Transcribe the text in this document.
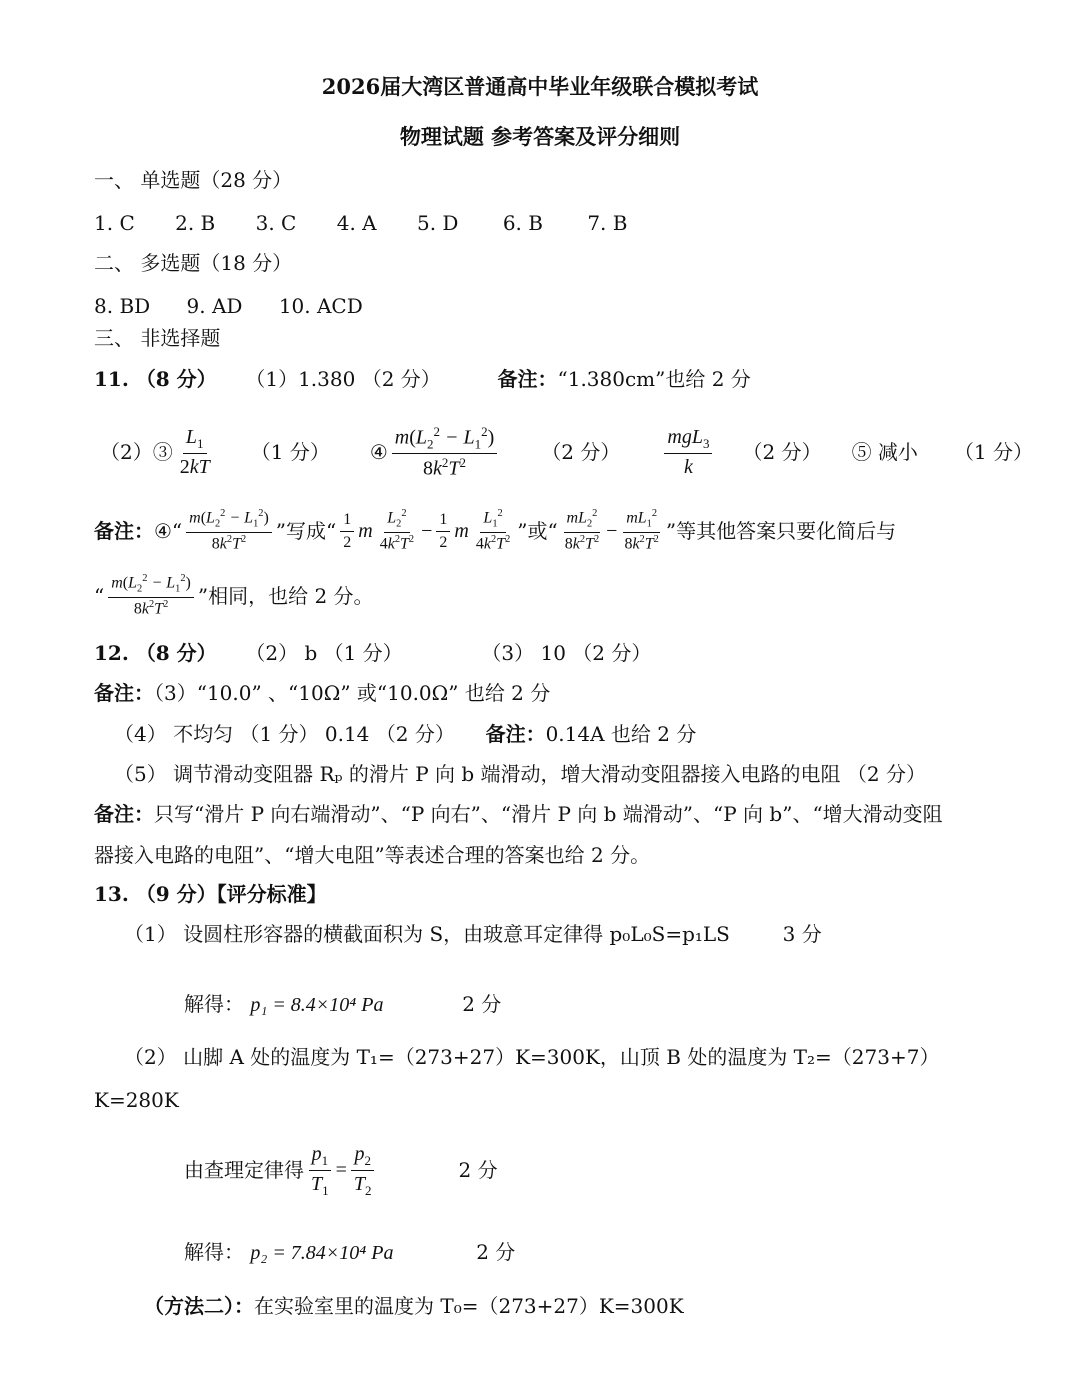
2026届大湾区普通高中毕业年级联合模拟考试
物理试题 参考答案及评分细则
一、 单选题（28 分）
1. C 2. B 3. C 4. A 5. D 6. B 7. B
二、 多选题（18 分）
8. BD 9. AD 10. ACD
三、 非选择题
11. （8 分） （1）1.380 （2 分）	备注：“1.380cm”也给 2 分
（2）③ $\frac{L_1}{2kT} (1$ 分） ④ $\frac{m(L_2^2 - L_1^2)}{8k^2T^2} (2$ 分） $\frac{mgL_3}{k} (2$ 分） ⑤ 减小 （1 分）
备注： ④“ $\frac{m(L_2^2 - L_1^2)}{8k^2T^2}$ ”写成“ $\frac{1}{2}$ m $\frac{L_2^2}{4k^2T^2} - \frac{1}{2}$ m $\frac{L_1^2}{4k^2T^2}$ ”或“ $\frac{mL_2^2}{8k^2T^2} - \frac{mL_1^2}{8k^2T^2}$ ”等其他答案只要化简后与
“ $\frac{m(L_2^2 - L_1^2)}{8k^2T^2}$ ”相同，也给 2 分。
12. （8 分） （2） b （1 分）	（3） 10 （2 分）
备注：（3）“10.0” 、“10Ω” 或“10.0Ω” 也给 2 分
（4） 不均匀 （1 分） 0.14 （2 分） 备注：0.14A 也给 2 分
（5） 调节滑动变阻器 Rₚ 的滑片 P 向 b 端滑动，增大滑动变阻器接入电路的电阻 （2 分）
备注：只写“滑片 P 向右端滑动”、“P 向右”、“滑片 P 向 b 端滑动”、“P 向 b”、“增大滑动变阻
器接入电路的电阻”、“增大电阻”等表述合理的答案也给 2 分。
13. （9 分）【评分标准】
（1） 设圆柱形容器的横截面积为 S，由玻意耳定律得 p₀L₀S=p₁LS	3 分
解得： p₁ = 8.4×10⁴ Pa	2 分
（2） 山脚 A 处的温度为 T₁=（273+27）K=300K，山顶 B 处的温度为 T₂=（273+7）
K=280K
由查理定律得 $\frac{p_1}{T_1} = \frac{p_2}{T_2}$	2 分
解得： p₂ = 7.84×10⁴ Pa	2 分
（方法二）：在实验室里的温度为 T₀=（273+27）K=300K
